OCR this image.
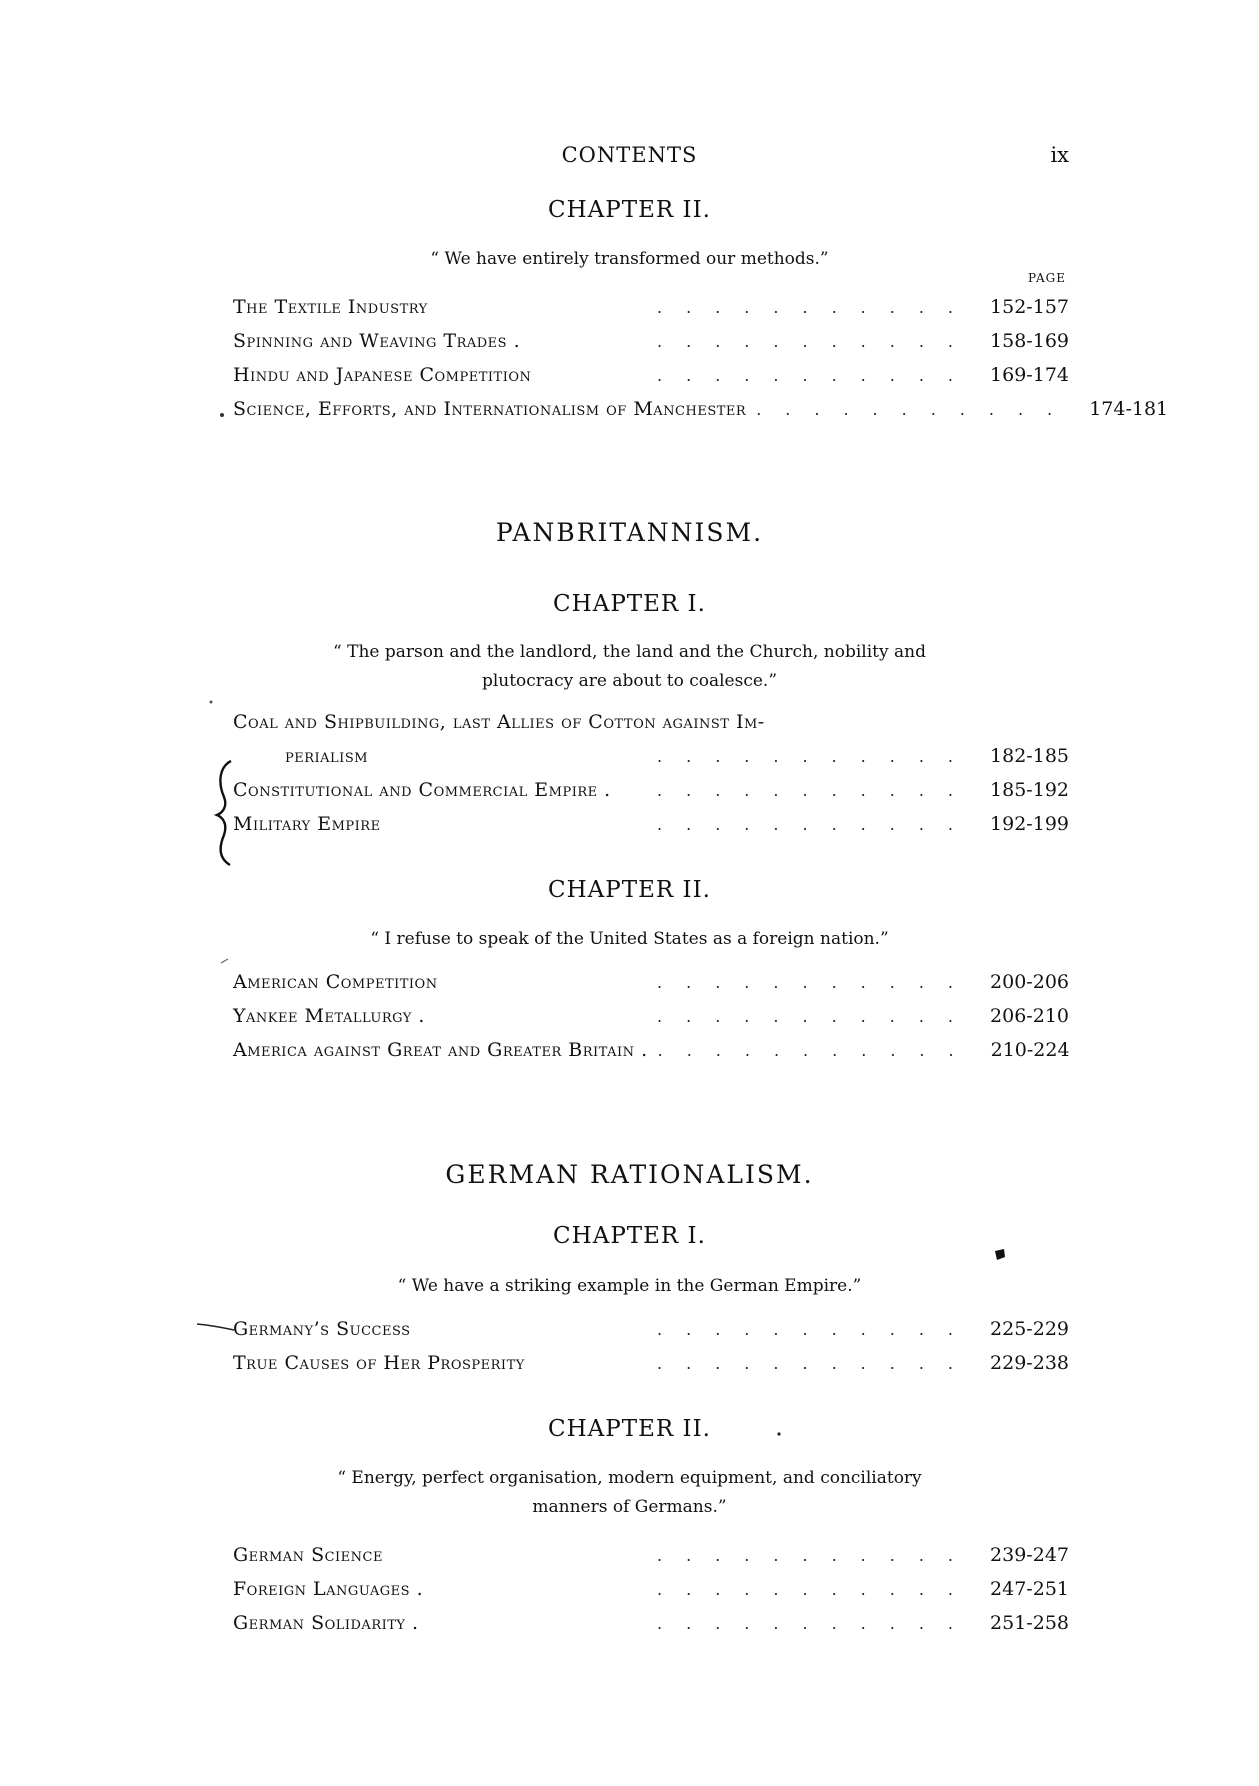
CONTENTS	ix
CHAPTER II.
“ We have entirely transformed our methods.”
PAGE
The Textile Industry	........... 152-157
Spinning and Weaving Trades .	........... 158-169
Hindu and Japanese Competition	........... 169-174
Science, Efforts, and Internationalism of Manchester ........... 174-181
PANBRITANNISM.
CHAPTER I.
“ The parson and the landlord, the land and the Church, nobility and
plutocracy are about to coalesce.”
Coal and Shipbuilding, last Allies of Cotton against Im-
perialism	........... 182-185
Constitutional and Commercial Empire .	........... 185-192
Military Empire	........... 192-199
CHAPTER II.
“ I refuse to speak of the United States as a foreign nation.”
American Competition	........... 200-206
Yankee Metallurgy .	........... 206-210
America against Great and Greater Britain . ........... 210-224
GERMAN RATIONALISM.
CHAPTER I.
“ We have a striking example in the German Empire.”
Germany’s Success	........... 225-229
True Causes of Her Prosperity	........... 229-238
CHAPTER II.
“ Energy, perfect organisation, modern equipment, and conciliatory
manners of Germans.”
German Science	........... 239-247
Foreign Languages .	........... 247-251
German Solidarity .	........... 251-258
